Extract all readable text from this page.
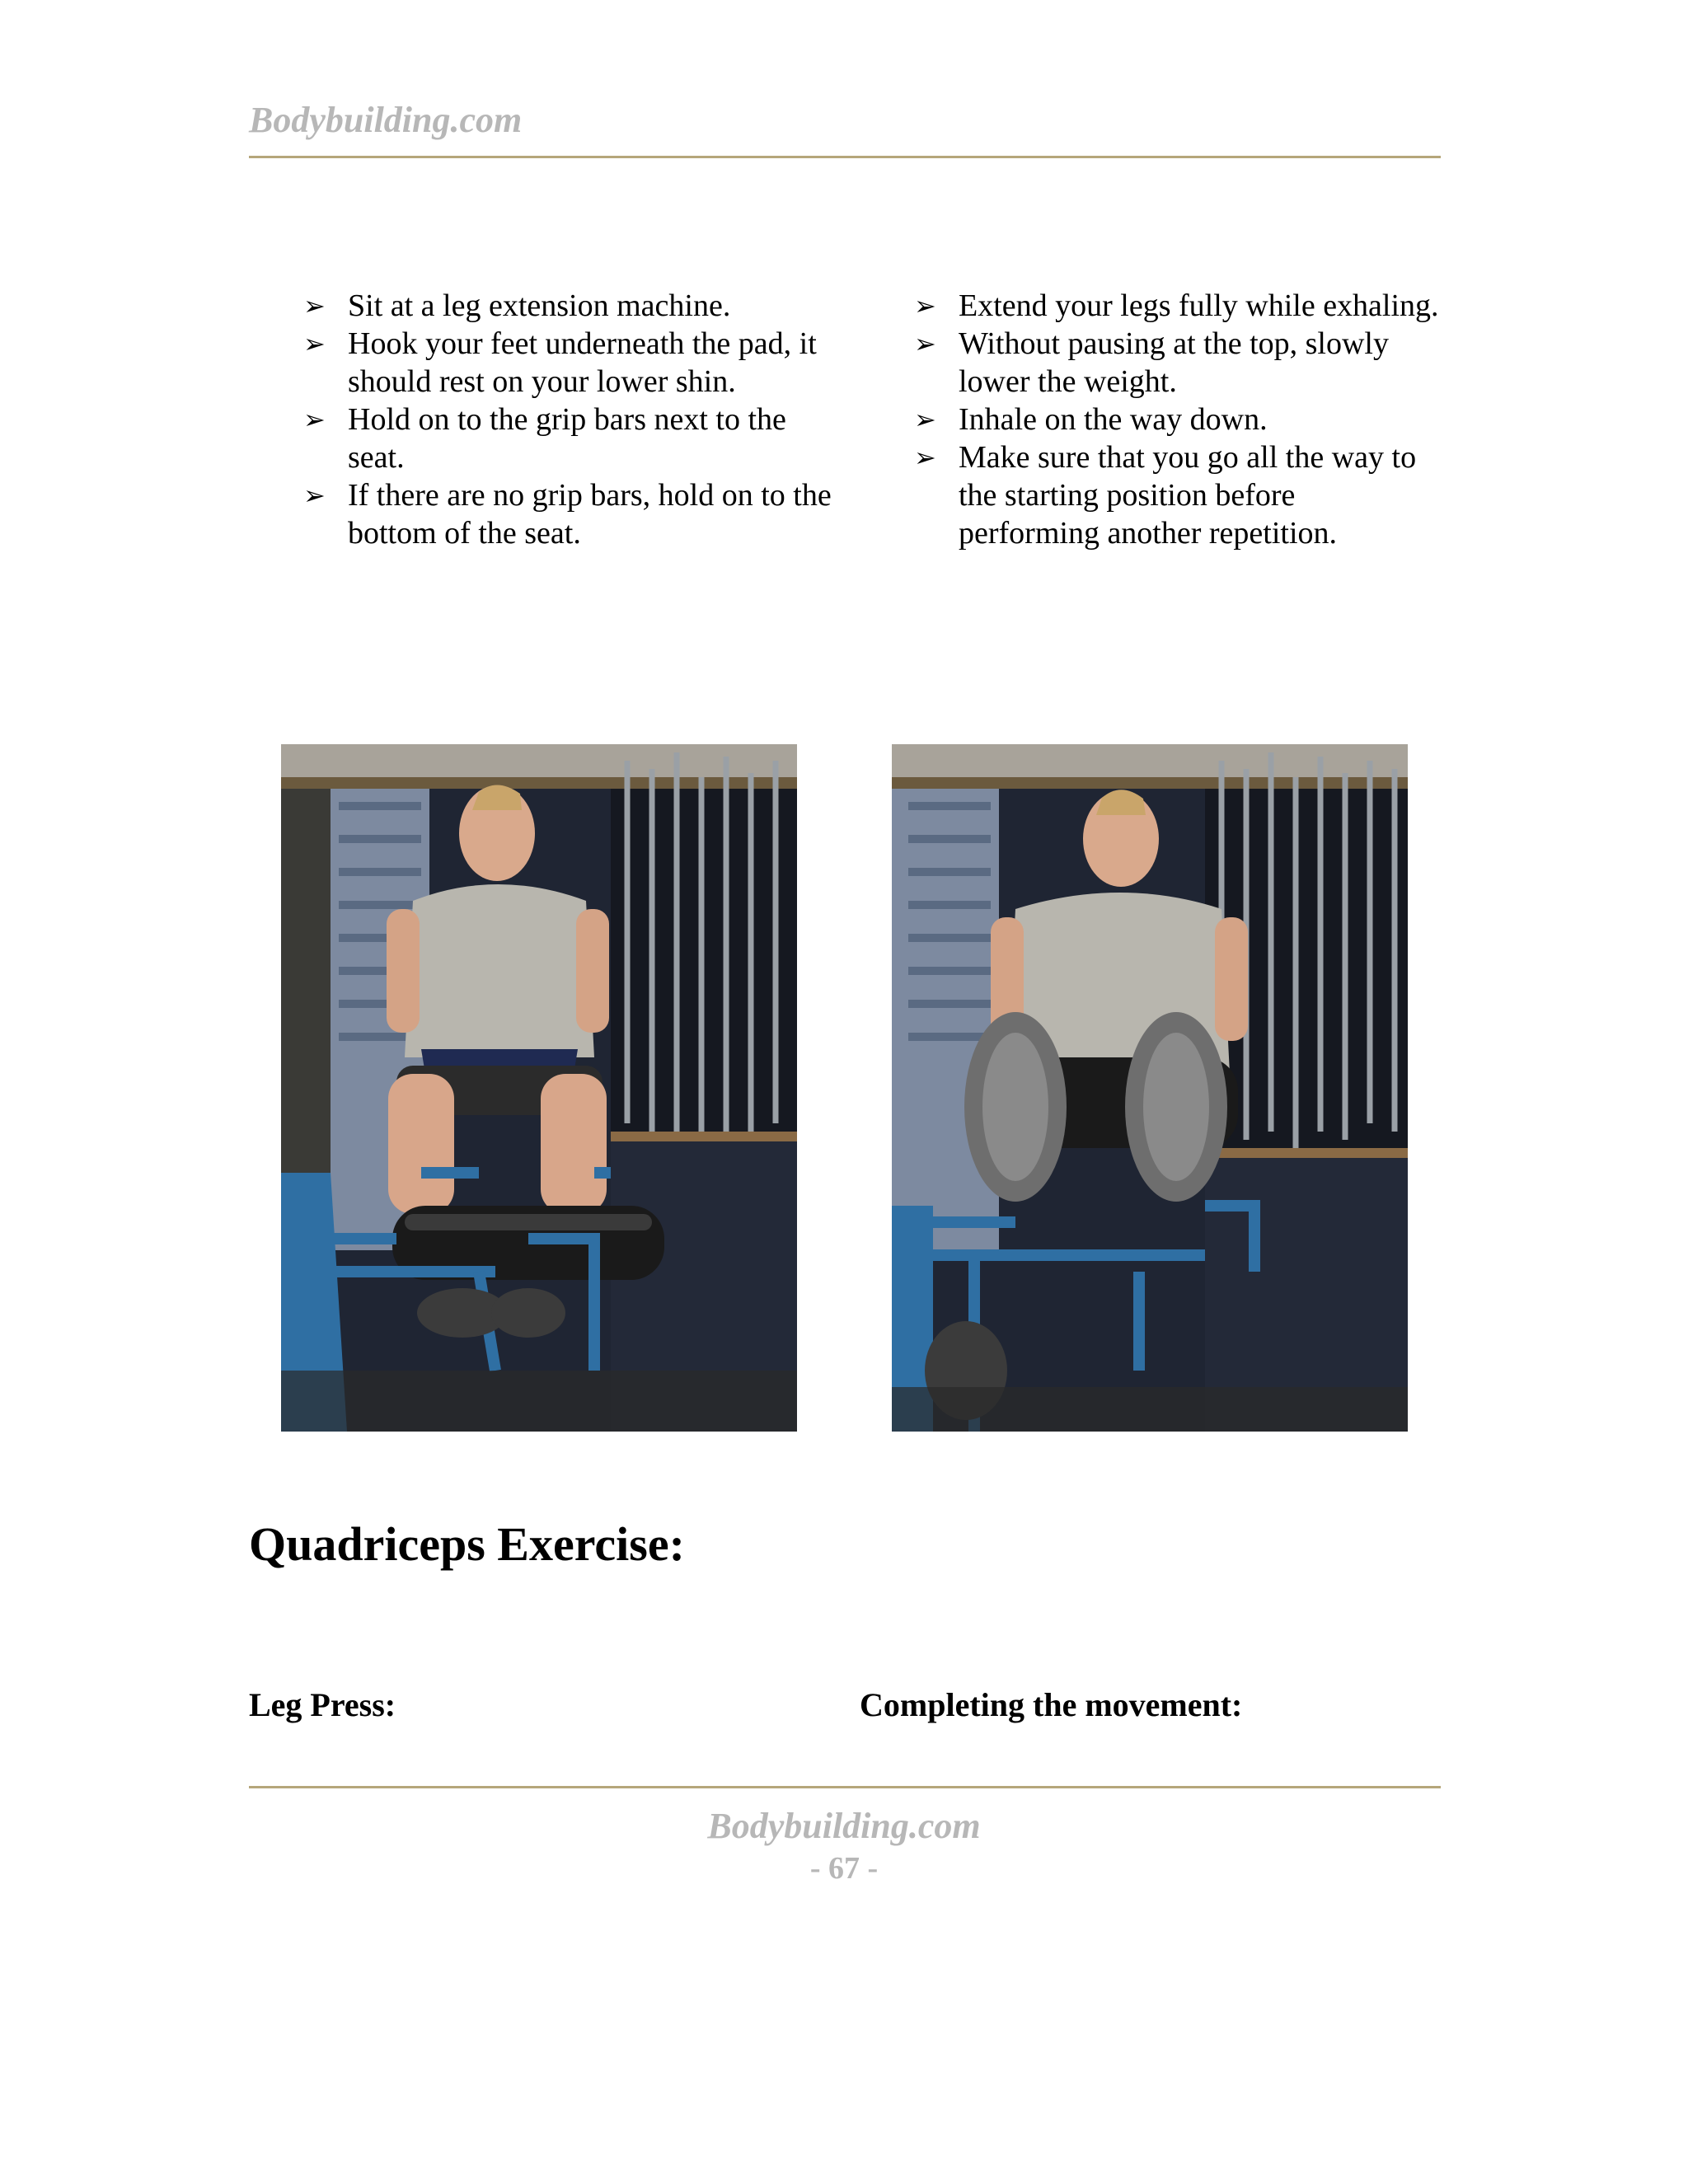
Bodybuilding.com
➢ Sit at a leg extension machine.
➢ Hook your feet underneath the pad, it should rest on your lower shin.
➢ Hold on to the grip bars next to the seat.
➢ If there are no grip bars, hold on to the bottom of the seat.
➢ Extend your legs fully while exhaling.
➢ Without pausing at the top, slowly lower the weight.
➢ Inhale on the way down.
➢ Make sure that you go all the way to the starting position before performing another repetition.
Quadriceps Exercise:
Leg Press:	Completing the movement:
Bodybuilding.com
- 67 -
